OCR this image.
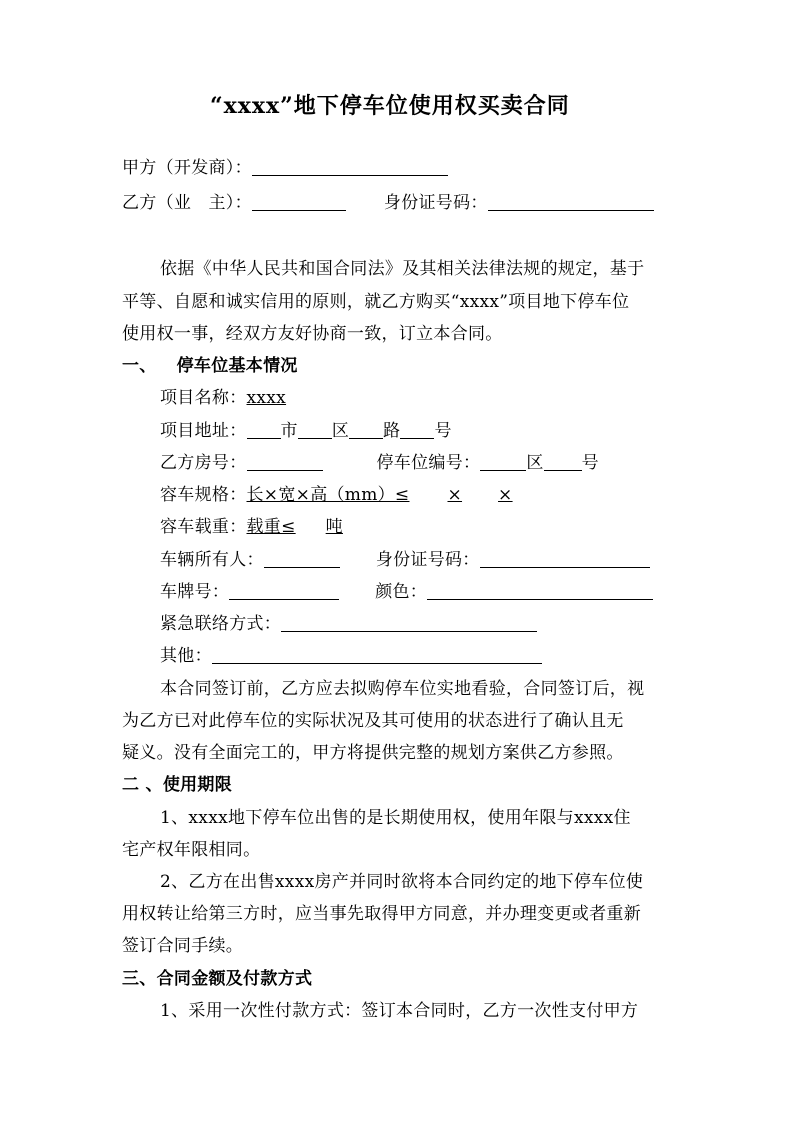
“xxxx”地下停车位使用权买卖合同
甲方（开发商）：
乙方（业　主）：	身份证号码：
依据《中华人民共和国合同法》及其相关法律法规的规定，基于
平等、自愿和诚实信用的原则，就乙方购买“xxxx”项目地下停车位
使用权一事，经双方友好协商一致，订立本合同。
一、 停车位基本情况
项目名称：xxxx
项目地址： 市 区 路 号
乙方房号：	停车位编号：	区 号
容车规格：长×宽×高（mm）≤ × ×
容车载重：载重≤ 吨
车辆所有人：	身份证号码：
车牌号：	颜色：
紧急联络方式：
其他：
本合同签订前，乙方应去拟购停车位实地看验，合同签订后，视
为乙方已对此停车位的实际状况及其可使用的状态进行了确认且无
疑义。没有全面完工的，甲方将提供完整的规划方案供乙方参照。
二 、使用期限
1、xxxx地下停车位出售的是长期使用权，使用年限与xxxx住
宅产权年限相同。
2、乙方在出售xxxx房产并同时欲将本合同约定的地下停车位使
用权转让给第三方时，应当事先取得甲方同意，并办理变更或者重新
签订合同手续。
三、合同金额及付款方式
1、采用一次性付款方式：签订本合同时，乙方一次性支付甲方
